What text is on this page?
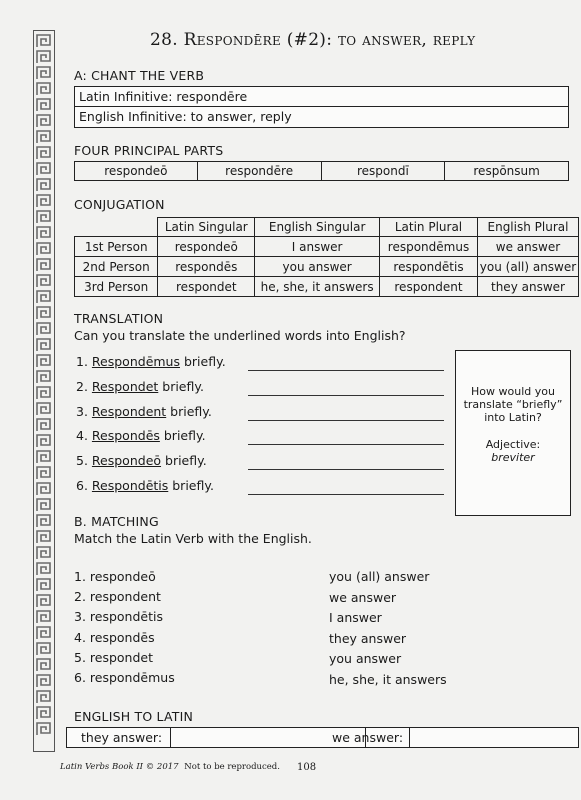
28. Respondēre (#2): to answer, reply
A: CHANT THE VERB
Latin Infinitive: respondēre
English Infinitive: to answer, reply
FOUR PRINCIPAL PARTS
respondeō	respondēre	respondī	respōnsum
CONJUGATION
	Latin Singular	English Singular	Latin Plural	English Plural
1st Person	respondeō	I answer	respondēmus	we answer
2nd Person	respondēs	you answer	respondētis	you (all) answer
3rd Person	respondet	he, she, it answers	respondent	they answer
TRANSLATION
Can you translate the underlined words into English?
1. Respondēmus briefly.
2. Respondet briefly.
3. Respondent briefly.
4. Respondēs briefly.
5. Respondeō briefly.
6. Respondētis briefly.
How would you
translate “briefly”
into Latin?
Adjective:
breviter
B. MATCHING
Match the Latin Verb with the English.
1. respondeō
2. respondent
3. respondētis
4. respondēs
5. respondet
6. respondēmus
you (all) answer
we answer
I answer
they answer
you answer
he, she, it answers
ENGLISH TO LATIN
they answer:	we answer:
Latin Verbs Book II © 2017 Not to be reproduced. 108
